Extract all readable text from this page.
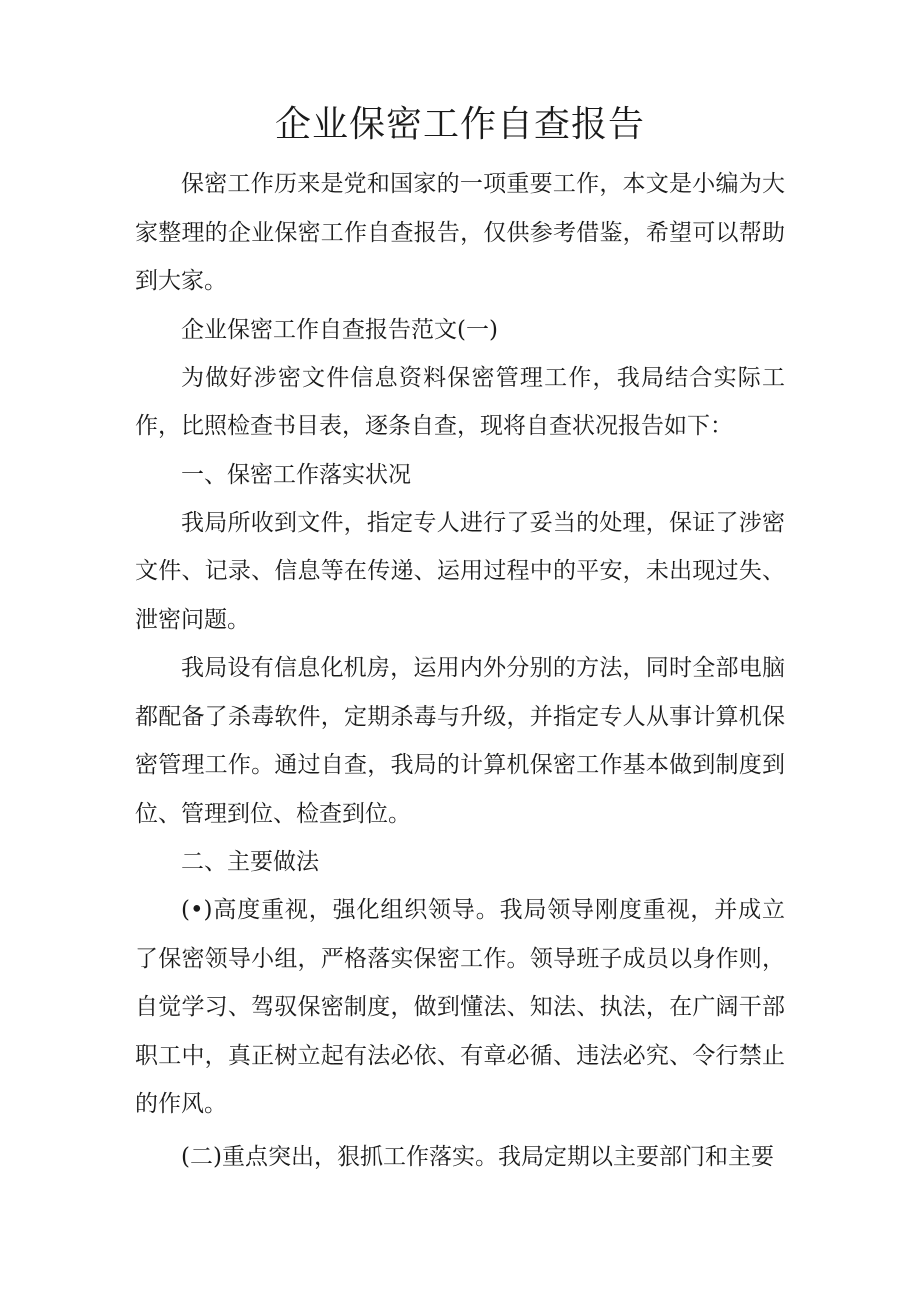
企业保密工作自查报告

保密工作历来是党和国家的一项重要工作，本文是小编为大家整理的企业保密工作自查报告，仅供参考借鉴，希望可以帮助到大家。

企业保密工作自查报告范文(一)

为做好涉密文件信息资料保密管理工作，我局结合实际工作，比照检查书目表，逐条自查，现将自查状况报告如下：

一、保密工作落实状况

我局所收到文件，指定专人进行了妥当的处理，保证了涉密文件、记录、信息等在传递、运用过程中的平安，未出现过失、泄密问题。

我局设有信息化机房，运用内外分别的方法，同时全部电脑都配备了杀毒软件，定期杀毒与升级，并指定专人从事计算机保密管理工作。通过自查，我局的计算机保密工作基本做到制度到位、管理到位、检查到位。

二、主要做法

(•)高度重视，强化组织领导。我局领导刚度重视，并成立了保密领导小组，严格落实保密工作。领导班子成员以身作则，自觉学习、驾驭保密制度，做到懂法、知法、执法，在广阔干部职工中，真正树立起有法必依、有章必循、违法必究、令行禁止的作风。

(二)重点突出，狠抓工作落实。我局定期以主要部门和主要
